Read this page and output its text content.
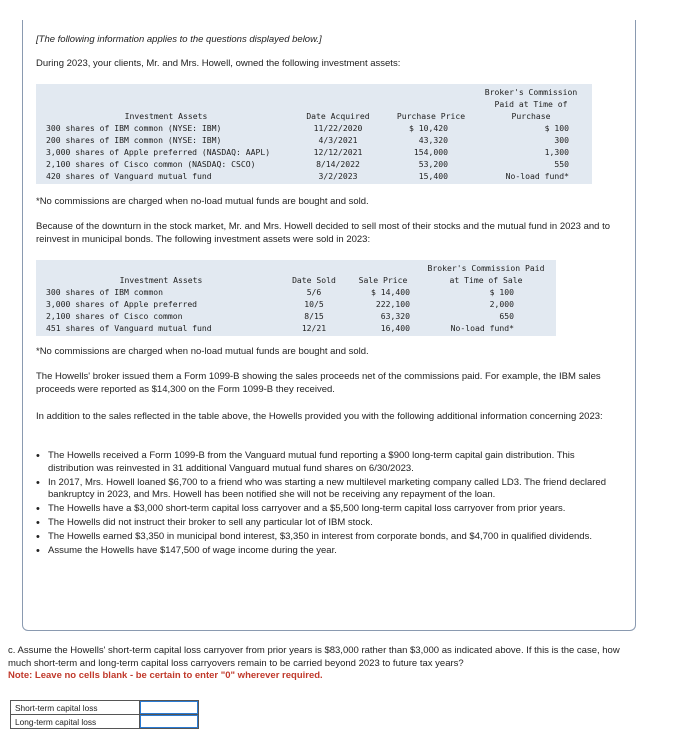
[The following information applies to the questions displayed below.]
During 2023, your clients, Mr. and Mrs. Howell, owned the following investment assets:
Broker's Commission
Paid at Time of
Investment Assets	Date Acquired	Purchase Price	Purchase
300 shares of IBM common (NYSE: IBM)	11/22/2020	$ 10,420	$ 100
200 shares of IBM common (NYSE: IBM)	4/3/2021	43,320	300
3,000 shares of Apple preferred (NASDAQ: AAPL)	12/12/2021	154,000	1,300
2,100 shares of Cisco common (NASDAQ: CSCO)	8/14/2022	53,200	550
420 shares of Vanguard mutual fund	3/2/2023	15,400	No-load fund*
*No commissions are charged when no-load mutual funds are bought and sold.
Because of the downturn in the stock market, Mr. and Mrs. Howell decided to sell most of their stocks and the mutual fund in 2023 and to reinvest in municipal bonds. The following investment assets were sold in 2023:
Broker's Commission Paid
Investment Assets	Date Sold	Sale Price	at Time of Sale
300 shares of IBM common	5/6	$ 14,400	$ 100
3,000 shares of Apple preferred	10/5	222,100	2,000
2,100 shares of Cisco common	8/15	63,320	650
451 shares of Vanguard mutual fund	12/21	16,400	No-load fund*
*No commissions are charged when no-load mutual funds are bought and sold.
The Howells' broker issued them a Form 1099-B showing the sales proceeds net of the commissions paid. For example, the IBM sales proceeds were reported as $14,300 on the Form 1099-B they received.
In addition to the sales reflected in the table above, the Howells provided you with the following additional information concerning 2023:
• The Howells received a Form 1099-B from the Vanguard mutual fund reporting a $900 long-term capital gain distribution. This distribution was reinvested in 31 additional Vanguard mutual fund shares on 6/30/2023.
• In 2017, Mrs. Howell loaned $6,700 to a friend who was starting a new multilevel marketing company called LD3. The friend declared bankruptcy in 2023, and Mrs. Howell has been notified she will not be receiving any repayment of the loan.
• The Howells have a $3,000 short-term capital loss carryover and a $5,500 long-term capital loss carryover from prior years.
• The Howells did not instruct their broker to sell any particular lot of IBM stock.
• The Howells earned $3,350 in municipal bond interest, $3,350 in interest from corporate bonds, and $4,700 in qualified dividends.
• Assume the Howells have $147,500 of wage income during the year.
c. Assume the Howells' short-term capital loss carryover from prior years is $83,000 rather than $3,000 as indicated above. If this is the case, how much short-term and long-term capital loss carryovers remain to be carried beyond 2023 to future tax years?
Note: Leave no cells blank - be certain to enter "0" wherever required.
Short-term capital loss	
Long-term capital loss	
